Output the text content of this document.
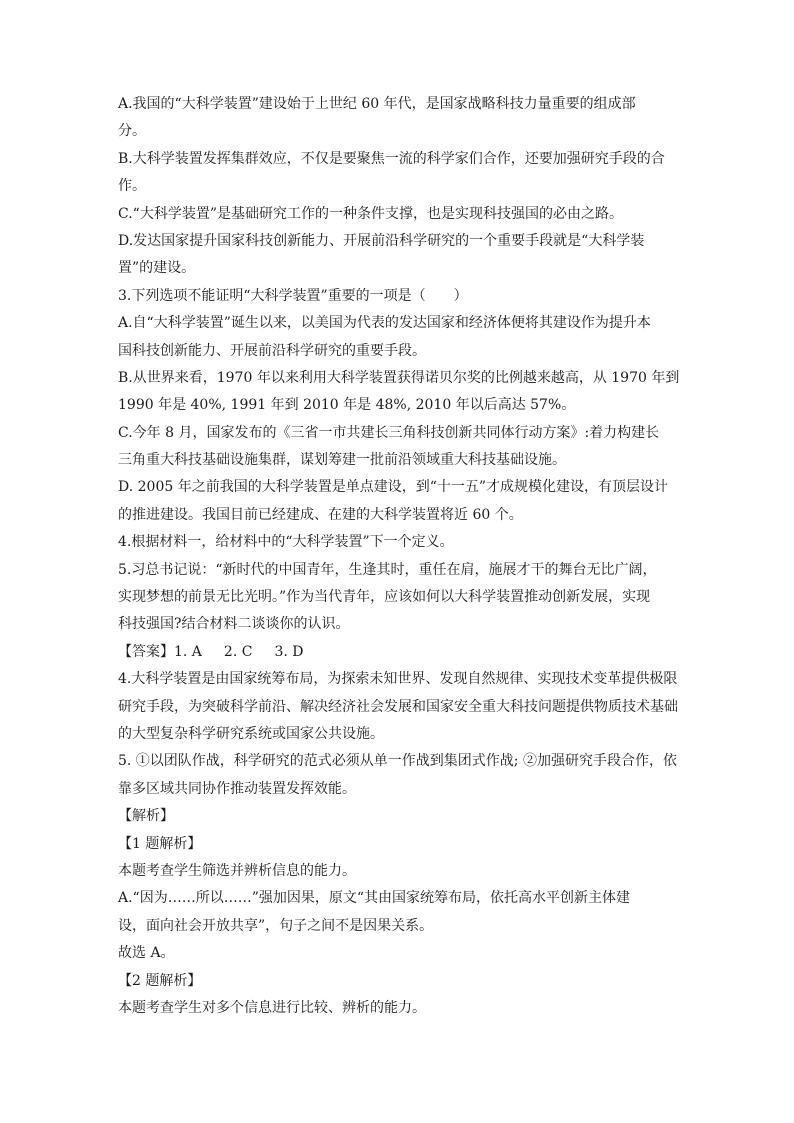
A.我国的“大科学装置”建设始于上世纪 60 年代，是国家战略科技力量重要的组成部

分。

B.大科学装置发挥集群效应，不仅是要聚焦一流的科学家们合作，还要加强研究手段的合

作。

C.“大科学装置”是基础研究工作的一种条件支撑，也是实现科技强国的必由之路。

D.发达国家提升国家科技创新能力、开展前沿科学研究的一个重要手段就是“大科学装

置”的建设。

3.下列选项不能证明“大科学装置”重要的一项是（　　）

A.自“大科学装置”诞生以来，以美国为代表的发达国家和经济体便将其建设作为提升本

国科技创新能力、开展前沿科学研究的重要手段。

B.从世界来看，1970 年以来利用大科学装置获得诺贝尔奖的比例越来越高，从 1970 年到

1990 年是 40%, 1991 年到 2010 年是 48%, 2010 年以后高达 57%。

C.今年 8 月，国家发布的《三省一市共建长三角科技创新共同体行动方案》:着力构建长

三角重大科技基础设施集群，谋划筹建一批前沿领域重大科技基础设施。

D. 2005 年之前我国的大科学装置是单点建设，到“十一五”才成规模化建设，有顶层设计

的推进建设。我国目前已经建成、在建的大科学装置将近 60 个。

4.根据材料一，给材料中的“大科学装置”下一个定义。

5.习总书记说：“新时代的中国青年，生逢其时，重任在肩，施展才干的舞台无比广阔，

实现梦想的前景无比光明。”作为当代青年，应该如何以大科学装置推动创新发展，实现

科技强国?结合材料二谈谈你的认识。

【答案】1. A 2. C 3. D

4.大科学装置是由国家统筹布局，为探索未知世界、发现自然规律、实现技术变革提供极限

研究手段，为突破科学前沿、解决经济社会发展和国家安全重大科技问题提供物质技术基础

的大型复杂科学研究系统或国家公共设施。

5. ①以团队作战，科学研究的范式必须从单一作战到集团式作战; ②加强研究手段合作，依

靠多区域共同协作推动装置发挥效能。

【解析】

【1 题解析】

本题考查学生筛选并辨析信息的能力。

A.“因为……所以……”强加因果，原文“其由国家统筹布局，依托高水平创新主体建

设，面向社会开放共享”，句子之间不是因果关系。

故选 A。

【2 题解析】

本题考查学生对多个信息进行比较、辨析的能力。
